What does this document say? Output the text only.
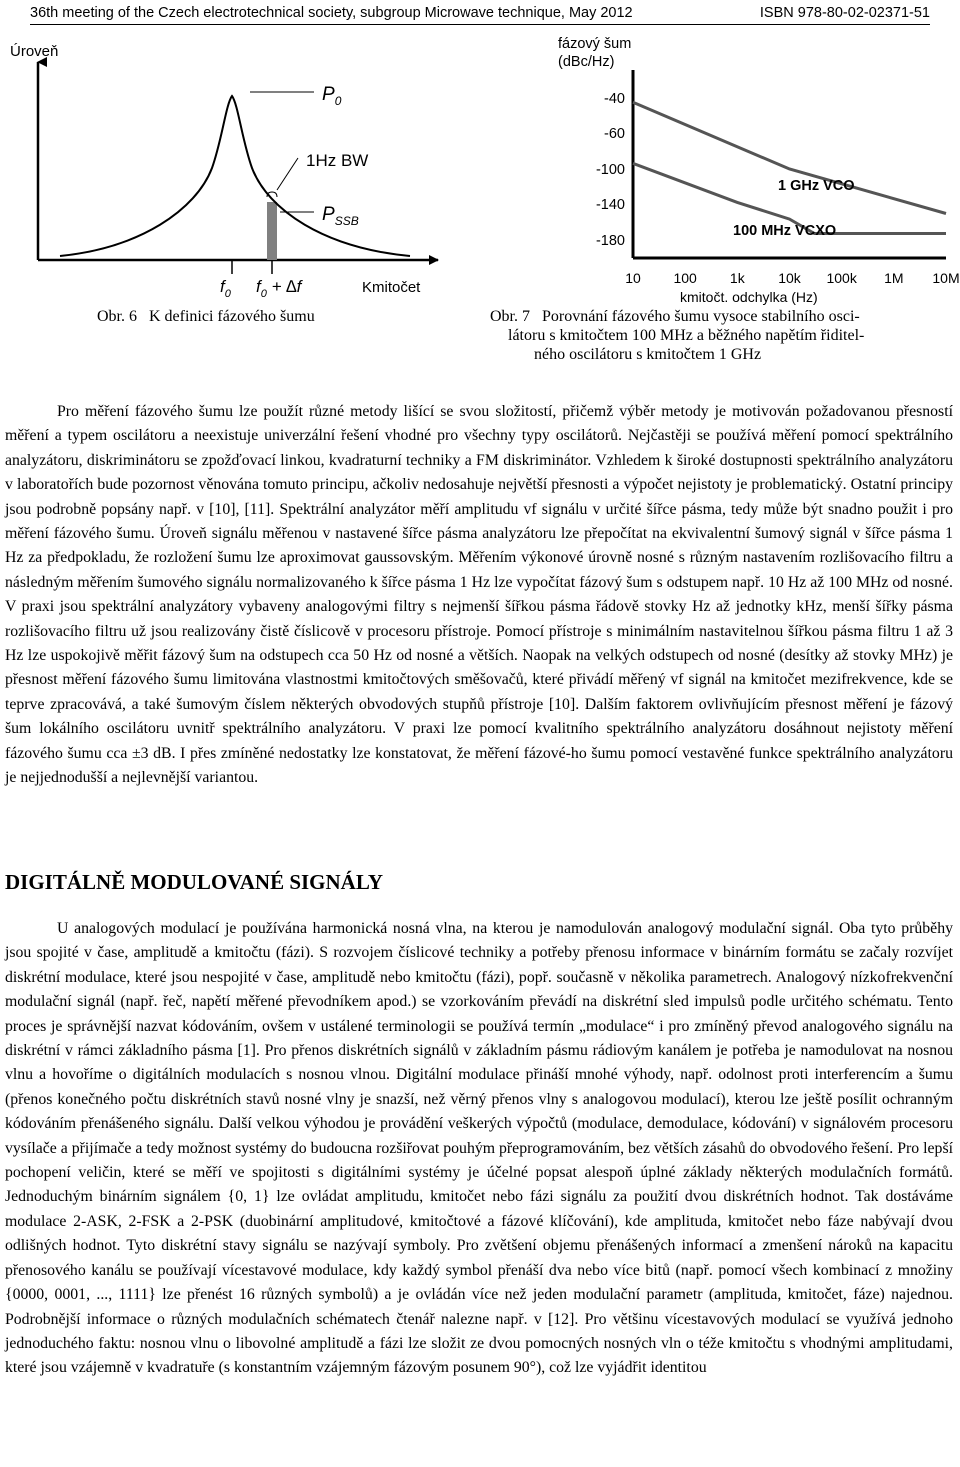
36th meeting of the Czech electrotechnical society, subgroup Microwave technique, May 2012	ISBN 978-80-02-02371-51
Úroveň
$P_0$
1Hz BW
$P_{SSB}$
$f_0$ $f_0 + \Delta f$	Kmitočet
Obr. 6   K definici fázového šumu
fázový šum
(dBc/Hz)
kmitočt. odchylka (Hz)
-40
-60
-100
-140
-180
10 100 1k 10k 100k 1M 10M
1 GHz VCO
100 MHz VCXO
Obr. 7   Porovnání fázového šumu vysoce stabilního osci-
látoru s kmitočtem 100 MHz a běžného napětím řiditel-
ného oscilátoru s kmitočtem 1 GHz

Pro měření fázového šumu lze použít různé metody lišící se svou složitostí, přičemž výběr metody je motivován požadovanou přesností měření a typem oscilátoru a neexistuje univerzální řešení vhodné pro všechny typy oscilátorů. Nejčastěji se používá měření pomocí spektrálního analyzátoru, diskriminátoru se zpožďovací linkou, kvadraturní techniky a FM diskriminátor. Vzhledem k široké dostupnosti spektrálního analyzátoru v laboratořích bude pozornost věnována tomuto principu, ačkoliv nedosahuje největší přesnosti a výpočet nejistoty je problematický. Ostatní principy jsou podrobně popsány např. v [10], [11]. Spektrální analyzátor měří amplitudu vf signálu v určité šířce pásma, tedy může být snadno použit i pro měření fázového šumu. Úroveň signálu měřenou v nastavené šířce pásma analyzátoru lze přepočítat na ekvivalentní šumový signál v šířce pásma 1 Hz za předpokladu, že rozložení šumu lze aproximovat gaussovským. Měřením výkonové úrovně nosné s různým nastavením rozlišovacího filtru a následným měřením šumového signálu normalizovaného k šířce pásma 1 Hz lze vypočítat fázový šum s odstupem např. 10 Hz až 100 MHz od nosné. V praxi jsou spektrální analyzátory vybaveny analogovými filtry s nejmenší šířkou pásma řádově stovky Hz až jednotky kHz, menší šířky pásma rozlišovacího filtru už jsou realizovány čistě číslicově v procesoru přístroje. Pomocí přístroje s minimálním nastavitelnou šířkou pásma filtru 1 až 3 Hz lze uspokojivě měřit fázový šum na odstupech cca 50 Hz od nosné a větších. Naopak na velkých odstupech od nosné (desítky až stovky MHz) je přesnost měření fázového šumu limitována vlastnostmi kmitočtových směšovačů, které přivádí měřený vf signál na kmitočet mezifrekvence, kde se teprve zpracovává, a také šumovým číslem některých obvodových stupňů přístroje [10]. Dalším faktorem ovlivňujícím přesnost měření je fázový šum lokálního oscilátoru uvnitř spektrálního analyzátoru. V praxi lze pomocí kvalitního spektrálního analyzátoru dosáhnout nejistoty měření fázového šumu cca ±3 dB. I přes zmíněné nedostatky lze konstatovat, že měření fázové-ho šumu pomocí vestavěné funkce spektrálního analyzátoru je nejjednodušší a nejlevnější variantou.

DIGITÁLNĚ MODULOVANÉ SIGNÁLY

U analogových modulací je používána harmonická nosná vlna, na kterou je namodulován analogový modulační signál. Oba tyto průběhy jsou spojité v čase, amplitudě a kmitočtu (fázi). S rozvojem číslicové techniky a potřeby přenosu informace v binárním formátu se začaly rozvíjet diskrétní modulace, které jsou nespojité v čase, amplitudě nebo kmitočtu (fázi), popř. současně v několika parametrech. Analogový nízkofrekvenční modulační signál (např. řeč, napětí měřené převodníkem apod.) se vzorkováním převádí na diskrétní sled impulsů podle určitého schématu. Tento proces je správnější nazvat kódováním, ovšem v ustálené terminologii se používá termín „modulace“ i pro zmíněný převod analogového signálu na diskrétní v rámci základního pásma [1]. Pro přenos diskrétních signálů v základním pásmu rádiovým kanálem je potřeba je namodulovat na nosnou vlnu a hovoříme o digitálních modulacích s nosnou vlnou. Digitální modulace přináší mnohé výhody, např. odolnost proti interferencím a šumu (přenos konečného počtu diskrétních stavů nosné vlny je snazší, než věrný přenos vlny s analogovou modulací), kterou lze ještě posílit ochranným kódováním přenášeného signálu. Další velkou výhodou je provádění veškerých výpočtů (modulace, demodulace, kódování) v signálovém procesoru vysílače a přijímače a tedy možnost systémy do budoucna rozšiřovat pouhým přeprogramováním, bez větších zásahů do obvodového řešení. Pro lepší pochopení veličin, které se měří ve spojitosti s digitálními systémy je účelné popsat alespoň úplné základy některých modulačních formátů. Jednoduchým binárním signálem {0, 1} lze ovládat amplitudu, kmitočet nebo fázi signálu za použití dvou diskrétních hodnot. Tak dostáváme modulace 2-ASK, 2-FSK a 2-PSK (duobinární amplitudové, kmitočtové a fázové klíčování), kde amplituda, kmitočet nebo fáze nabývají dvou odlišných hodnot. Tyto diskrétní stavy signálu se nazývají symboly. Pro zvětšení objemu přenášených informací a zmenšení nároků na kapacitu přenosového kanálu se používají vícestavové modulace, kdy každý symbol přenáší dva nebo více bitů (např. pomocí všech kombinací z množiny {0000, 0001, ..., 1111} lze přenést 16 různých symbolů) a je ovládán více než jeden modulační parametr (amplituda, kmitočet, fáze) najednou. Podrobnější informace o různých modulačních schématech čtenář nalezne např. v [12]. Pro většinu vícestavových modulací se využívá jednoho jednoduchého faktu: nosnou vlnu o libovolné amplitudě a fázi lze složit ze dvou pomocných nosných vln o téže kmitočtu s vhodnými amplitudami, které jsou vzájemně v kvadratuře (s konstantním vzájemným fázovým posunem 90°), což lze vyjádřit identitou
